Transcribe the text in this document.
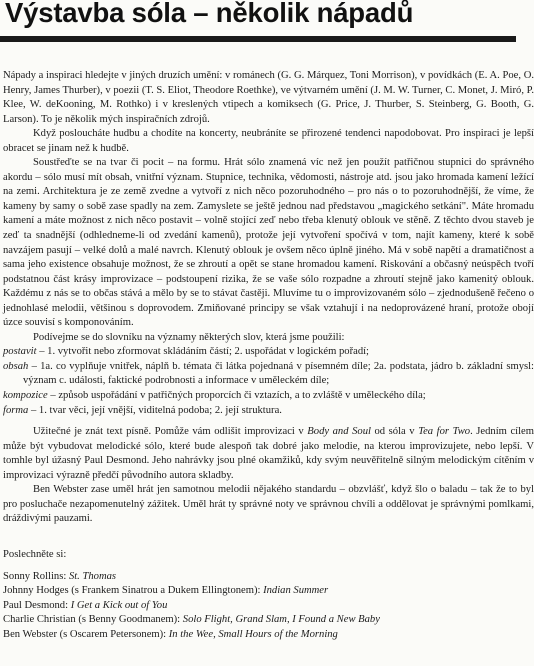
Výstavba sóla – několik nápadů

Nápady a inspiraci hledejte v jiných druzích umění: v románech (G. G. Márquez, Toni Morrison), v povídkách (E. A. Poe, O. Henry, James Thurber), v poezii (T. S. Eliot, Theodore Roethke), ve výtvarném umění (J. M. W. Turner, C. Monet, J. Miró, P. Klee, W. deKooning, M. Rothko) i v kreslených vtipech a komiksech (G. Price, J. Thurber, S. Steinberg, G. Booth, G. Larson). To je několik mých inspiračních zdrojů.

Když posloucháte hudbu a chodíte na koncerty, neubráníte se přirozené tendenci napodobovat. Pro inspiraci je lepší obracet se jinam než k hudbě.

Soustřeďte se na tvar či pocit – na formu. Hrát sólo znamená víc než jen použít patřičnou stupnici do správného akordu – sólo musí mít obsah, vnitřní význam. Stupnice, technika, vědomosti, nástroje atd. jsou jako hromada kamení ležící na zemi. Architektura je ze země zvedne a vytvoří z nich něco pozoruhodného – pro nás o to pozoruhodnější, že víme, že kameny by samy o sobě zase spadly na zem. Zamyslete se ještě jednou nad představou „magického setkání". Máte hromadu kamení a máte možnost z nich něco postavit – volně stojící zeď nebo třeba klenutý oblouk ve stěně. Z těchto dvou staveb je zeď ta snadnější (odhledneme-li od zvedání kamenů), protože její vytvoření spočívá v tom, najít kameny, které k sobě navzájem pasují – velké dolů a malé navrch. Klenutý oblouk je ovšem něco úplně jiného. Má v sobě napětí a dramatičnost a sama jeho existence obsahuje možnost, že se zhroutí a opět se stane hromadou kamení. Riskování a občasný neúspěch tvoří podstatnou část krásy improvizace – podstoupení rizika, že se vaše sólo rozpadne a zhroutí stejně jako kamenitý oblouk. Každému z nás se to občas stává a mělo by se to stávat častěji. Mluvíme tu o improvizovaném sólo – zjednodušeně řečeno o jednohlasé melodii, většinou s doprovodem. Zmiňované principy se však vztahují i na nedoprovázené hraní, protože obojí úzce souvisí s komponováním.

Podívejme se do slovníku na významy některých slov, která jsme použili:

postavit – 1. vytvořit nebo zformovat skládáním částí; 2. uspořádat v logickém pořadí;

obsah – 1a. co vyplňuje vnitřek, náplň b. témata či látka pojednaná v písemném díle; 2a. podstata, jádro b. základní smysl: význam c. události, faktické podrobnosti a informace v uměleckém díle;

kompozice – způsob uspořádání v patřičných proporcích či vztazích, a to zvláště v uměleckého díla;

forma – 1. tvar věci, její vnější, viditelná podoba; 2. její struktura.

Užitečné je znát text písně. Pomůže vám odlišit improvizaci v Body and Soul od sóla v Tea for Two. Jedním cílem může být vybudovat melodické sólo, které bude alespoň tak dobré jako melodie, na kterou improvizujete, nebo lepší. V tomhle byl úžasný Paul Desmond. Jeho nahrávky jsou plné okamžiků, kdy svým neuvěřitelně silným melodickým cítěním v improvizaci výrazně předčí původního autora skladby.

Ben Webster zase uměl hrát jen samotnou melodii nějakého standardu – obzvlášť, když šlo o baladu – tak že to byl pro posluchače nezapomenutelný zážitek. Uměl hrát ty správné noty ve správnou chvíli a oddělovat je správnými pomlkami, dráždivými pauzami.

Poslechněte si:
Sonny Rollins: St. Thomas
Johnny Hodges (s Frankem Sinatrou a Dukem Ellingtonem): Indian Summer
Paul Desmond: I Get a Kick out of You
Charlie Christian (s Benny Goodmanem): Solo Flight, Grand Slam, I Found a New Baby
Ben Webster (s Oscarem Petersonem): In the Wee, Small Hours of the Morning
